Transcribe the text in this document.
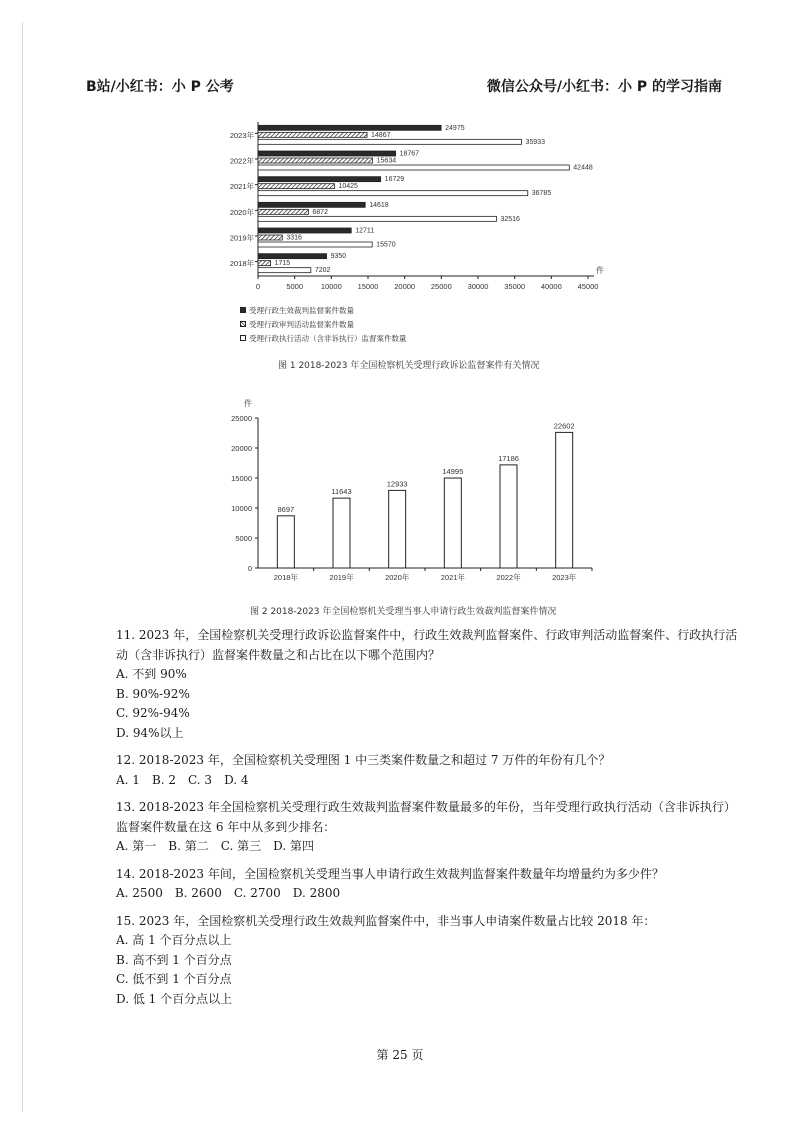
B站/小红书：小 P 公考	微信公众号/小红书：小 P 的学习指南
0	5000 10000 15000 20000 25000 30000 35000 40000 45000
件
2023年
24975
14867
35933
2022年
18767
15634
42448
2021年
16729
10425
36785
2020年
14618
6872
32516
2019年
12711
3316
15570
2018年
9350
1715
7202
受理行政生效裁判监督案件数量
受理行政审判活动监督案件数量
受理行政执行活动（含非诉执行）监督案件数量
图 1 2018-2023 年全国检察机关受理行政诉讼监督案件有关情况
件
0
5000
10000
15000
20000
25000
8697
2018年
11643
2019年
12933
2020年
14995
2021年
17186
2022年
22602
2023年
图 2 2018-2023 年全国检察机关受理当事人申请行政生效裁判监督案件情况
11. 2023 年，全国检察机关受理行政诉讼监督案件中，行政生效裁判监督案件、行政审判活动监督案件、行政执行活动（含非诉执行）监督案件数量之和占比在以下哪个范围内？
A. 不到 90%
B. 90%-92%
C. 92%-94%
D. 94%以上
12. 2018-2023 年，全国检察机关受理图 1 中三类案件数量之和超过 7 万件的年份有几个？
A. 1 B. 2 C. 3 D. 4
13. 2018-2023 年全国检察机关受理行政生效裁判监督案件数量最多的年份，当年受理行政执行活动（含非诉执行）监督案件数量在这 6 年中从多到少排名：
A. 第一 B. 第二 C. 第三 D. 第四
14. 2018-2023 年间，全国检察机关受理当事人申请行政生效裁判监督案件数量年均增量约为多少件？
A. 2500 B. 2600 C. 2700 D. 2800
15. 2023 年，全国检察机关受理行政生效裁判监督案件中，非当事人申请案件数量占比较 2018 年：
A. 高 1 个百分点以上
B. 高不到 1 个百分点
C. 低不到 1 个百分点
D. 低 1 个百分点以上
第 25 页
